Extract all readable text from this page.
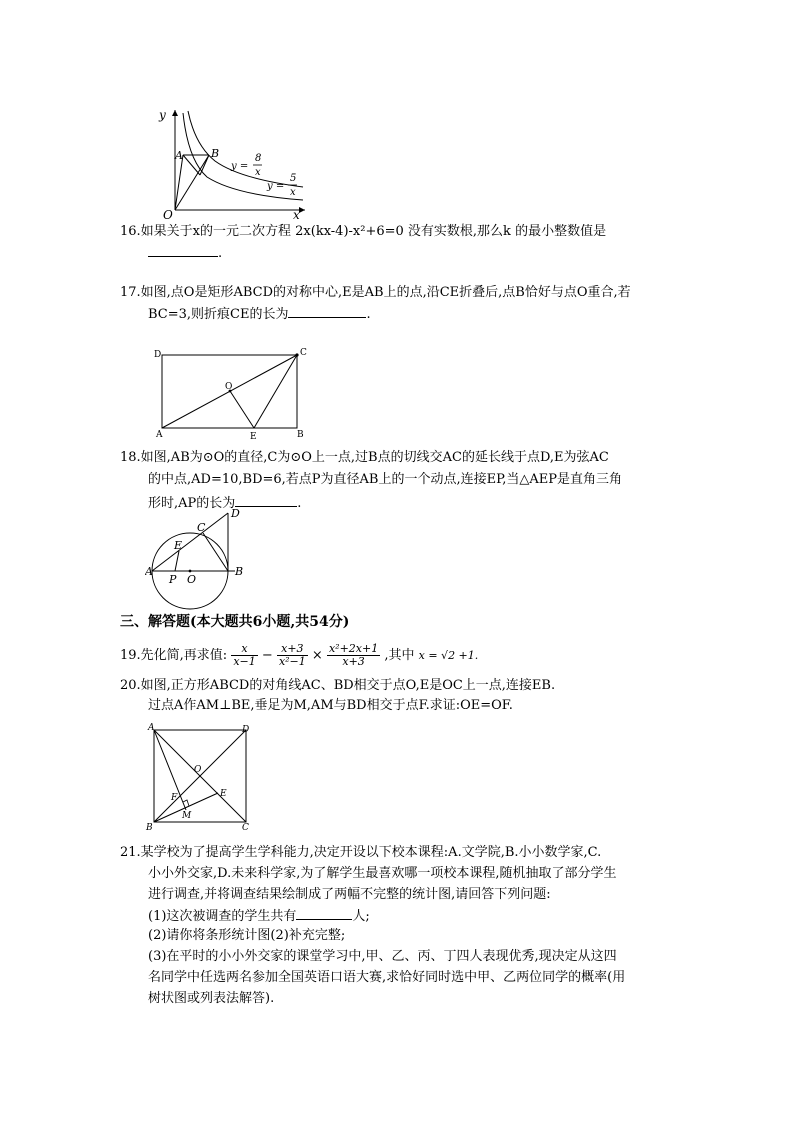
y
x
O
A	B
y =
8
x
y =
5
x
16.如果关于x的一元二次方程 2x(kx-4)-x²+6=0 没有实数根,那么k 的最小整数值是
.
17.如图,点O是矩形ABCD的对称中心,E是AB上的点,沿CE折叠后,点B恰好与点O重合,若
BC=3,则折痕CE的长为	.
D	C
A	B
E
O
18.如图,AB为⊙O的直径,C为⊙O上一点,过B点的切线交AC的延长线于点D,E为弦AC
的中点,AD=10,BD=6,若点P为直径AB上的一个动点,连接EP,当△AEP是直角三角
形时,AP的长为	.
A	B
C
D
E
P O
三、解答题(本大题共6小题,共54分)
19.先化简,再求值: $\frac{x}{x-1} - \frac{x+3}{\text{x²−1}} \times \frac{\text{x²+2x+1}}{x+3}$ ,其中 x = √2 +1.
20.如图,正方形ABCD的对角线AC、BD相交于点O,E是OC上一点,连接EB.
过点A作AM⊥BE,垂足为M,AM与BD相交于点F.求证:OE=OF.
A	D
B	C
O
E
F
M
21.某学校为了提高学生学科能力,决定开设以下校本课程:A.文学院,B.小小数学家,C.
小小外交家,D.未来科学家,为了解学生最喜欢哪一项校本课程,随机抽取了部分学生
进行调查,并将调查结果绘制成了两幅不完整的统计图,请回答下列问题:
(1)这次被调查的学生共有	人;
(2)请你将条形统计图(2)补充完整;
(3)在平时的小小外交家的课堂学习中,甲、乙、丙、丁四人表现优秀,现决定从这四
名同学中任选两名参加全国英语口语大赛,求恰好同时选中甲、乙两位同学的概率(用
树状图或列表法解答).
